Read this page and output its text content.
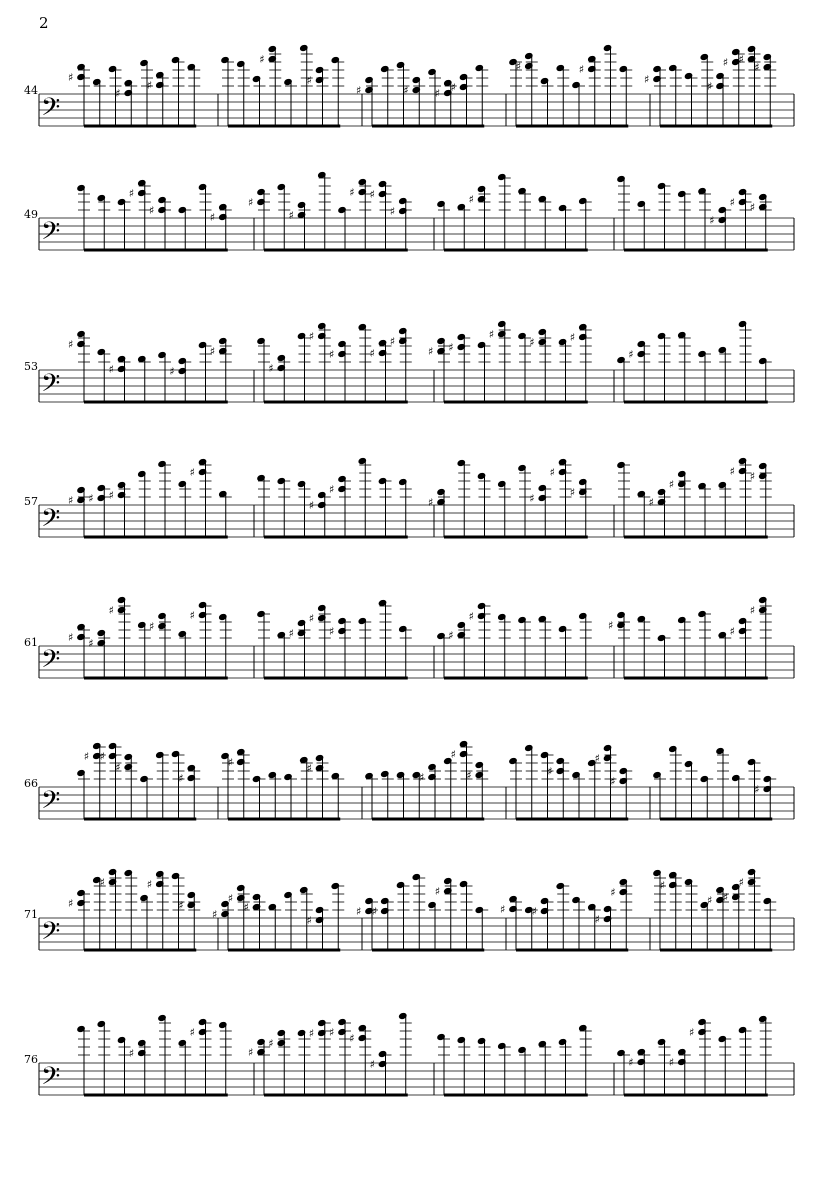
2
44
49
53
57
61
66
71
76
𝄢
♯
♯
♯
♯
♯
♯	♯ ♯ ♯
♯	♯
♯
♯
♯ ♯
♯
𝄢
♯
♯
♯
♯
♯
♯ ♯
♯
♯
♯
♯ ♯
𝄢
♯
♯	♯
♯
♯
♯
♯	♯
♯
♯ ♯
♯
♯	♯
♯
𝄢
♯ ♯ ♯
♯
♯
♯
♯	♯
♯
♯
♯
♯
♯ ♯
𝄢
♯ ♯
♯
♯
♯
♯
♯
♯	♯
♯
♯	♯
♯
𝄢
♯ ♯
♯
♯
♯	♯
♯
♯
♯	♯
♯
♯
♯
𝄢
♯
♯	♯
♯
♯
♯
♯
♯
♯ ♯
♯
♯ ♯
♯
♯
♯
♯ ♯
♯
𝄢
♯
♯
♯
♯
♯ ♯ ♯
♯	♯	♯
♯
